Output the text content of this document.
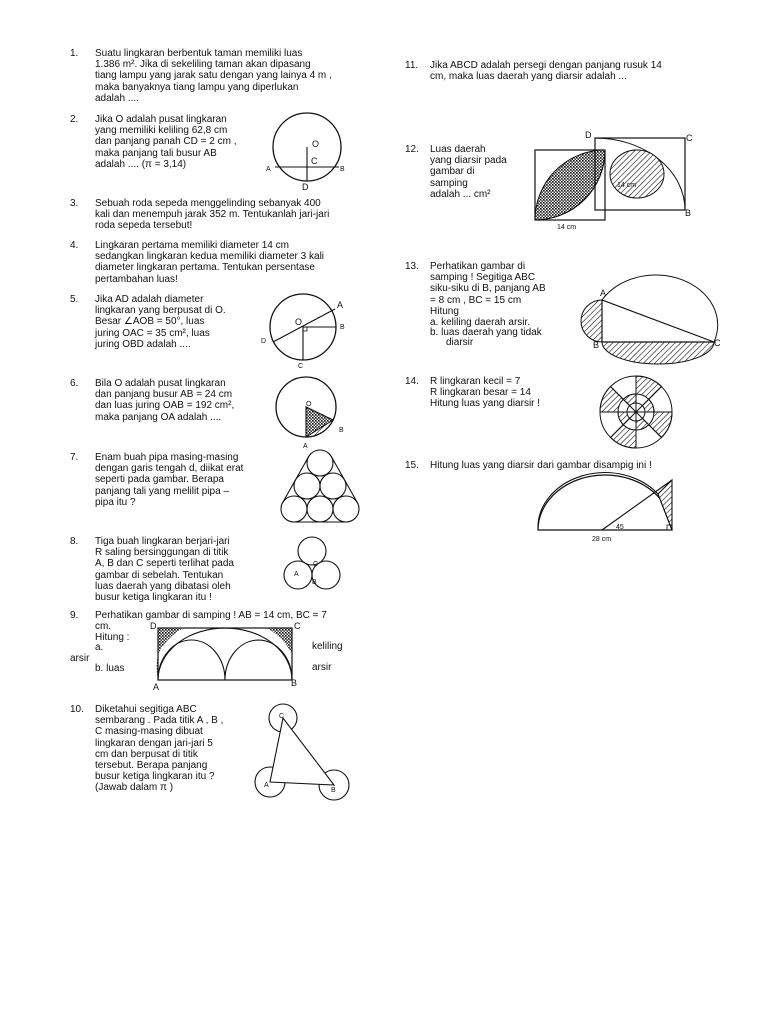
1.	Suatu lingkaran berbentuk taman memiliki luas
1.386 m². Jika di sekeliling taman akan dipasang
tiang lampu yang jarak satu dengan yang lainya 4 m ,
maka banyaknya tiang lampu yang diperlukan
adalah ....
2.	Jika O adalah pusat lingkaran
yang memiliki keliling 62,8 cm
dan panjang panah CD = 2 cm ,
maka panjang tali busur AB
adalah .... (π = 3,14)
O
C
A	B
D
3.	Sebuah roda sepeda menggelinding sebanyak 400
kali dan menempuh jarak 352 m. Tentukanlah jari-jari
roda sepeda tersebut!
4.	Lingkaran pertama memiliki diameter 14 cm
sedangkan lingkaran kedua memiliki diameter 3 kali
diameter lingkaran pertama. Tentukan persentase
pertambahan luas!
5.	Jika AD adalah diameter
lingkaran yang berpusat di O.
Besar ∠AOB = 50°, luas
juring OAC = 35 cm², luas
juring OBD adalah ....
O
A
B
D
C
6.	Bila O adalah pusat lingkaran
dan panjang busur AB = 24 cm
dan luas juring OAB = 192 cm²,
maka panjang OA adalah ....
O
B
A
7.	Enam buah pipa masing-masing
dengan garis tengah d, diikat erat
seperti pada gambar. Berapa
panjang tali yang melilit pipa –
pipa itu ?
8.	Tiga buah lingkaran berjari-jari
R saling bersinggungan di titik
A, B dan C seperti terlihat pada
gambar di sebelah. Tentukan
luas daerah yang dibatasi oleh
busur ketiga lingkaran itu !
C
A
B
9.	Perhatikan gambar di samping ! AB = 14 cm, BC = 7
cm.
Hitung :
a.	keliling
arsir
b. luas	arsir
D	C
A	B
10.	Diketahui segitiga ABC
sembarang . Pada titik A , B ,
C masing-masing dibuat
lingkaran dengan jari-jari 5
cm dan berpusat di titik
tersebut. Berapa panjang
busur ketiga lingkaran itu ?
(Jawab dalam π )
C
A
B
11.	Jika ABCD adalah persegi dengan panjang rusuk 14
cm, maka luas daerah yang diarsir adalah ...
12.	Luas daerah
yang diarsir pada
gambar di
samping
adalah ... cm²
14 cm
D	C
B
14 cm
13.	Perhatikan gambar di
samping ! Segitiga ABC
siku-siku di B, panjang AB
= 8 cm , BC = 15 cm
Hitung
a. keliling daerah arsir.
b. luas daerah yang tidak
diarsir
A
B	C
14.	R lingkaran kecil = 7
R lingkaran besar = 14
Hitung luas yang diarsir !
15.	Hitung luas yang diarsir dari gambar disampig ini !
45
28 cm
